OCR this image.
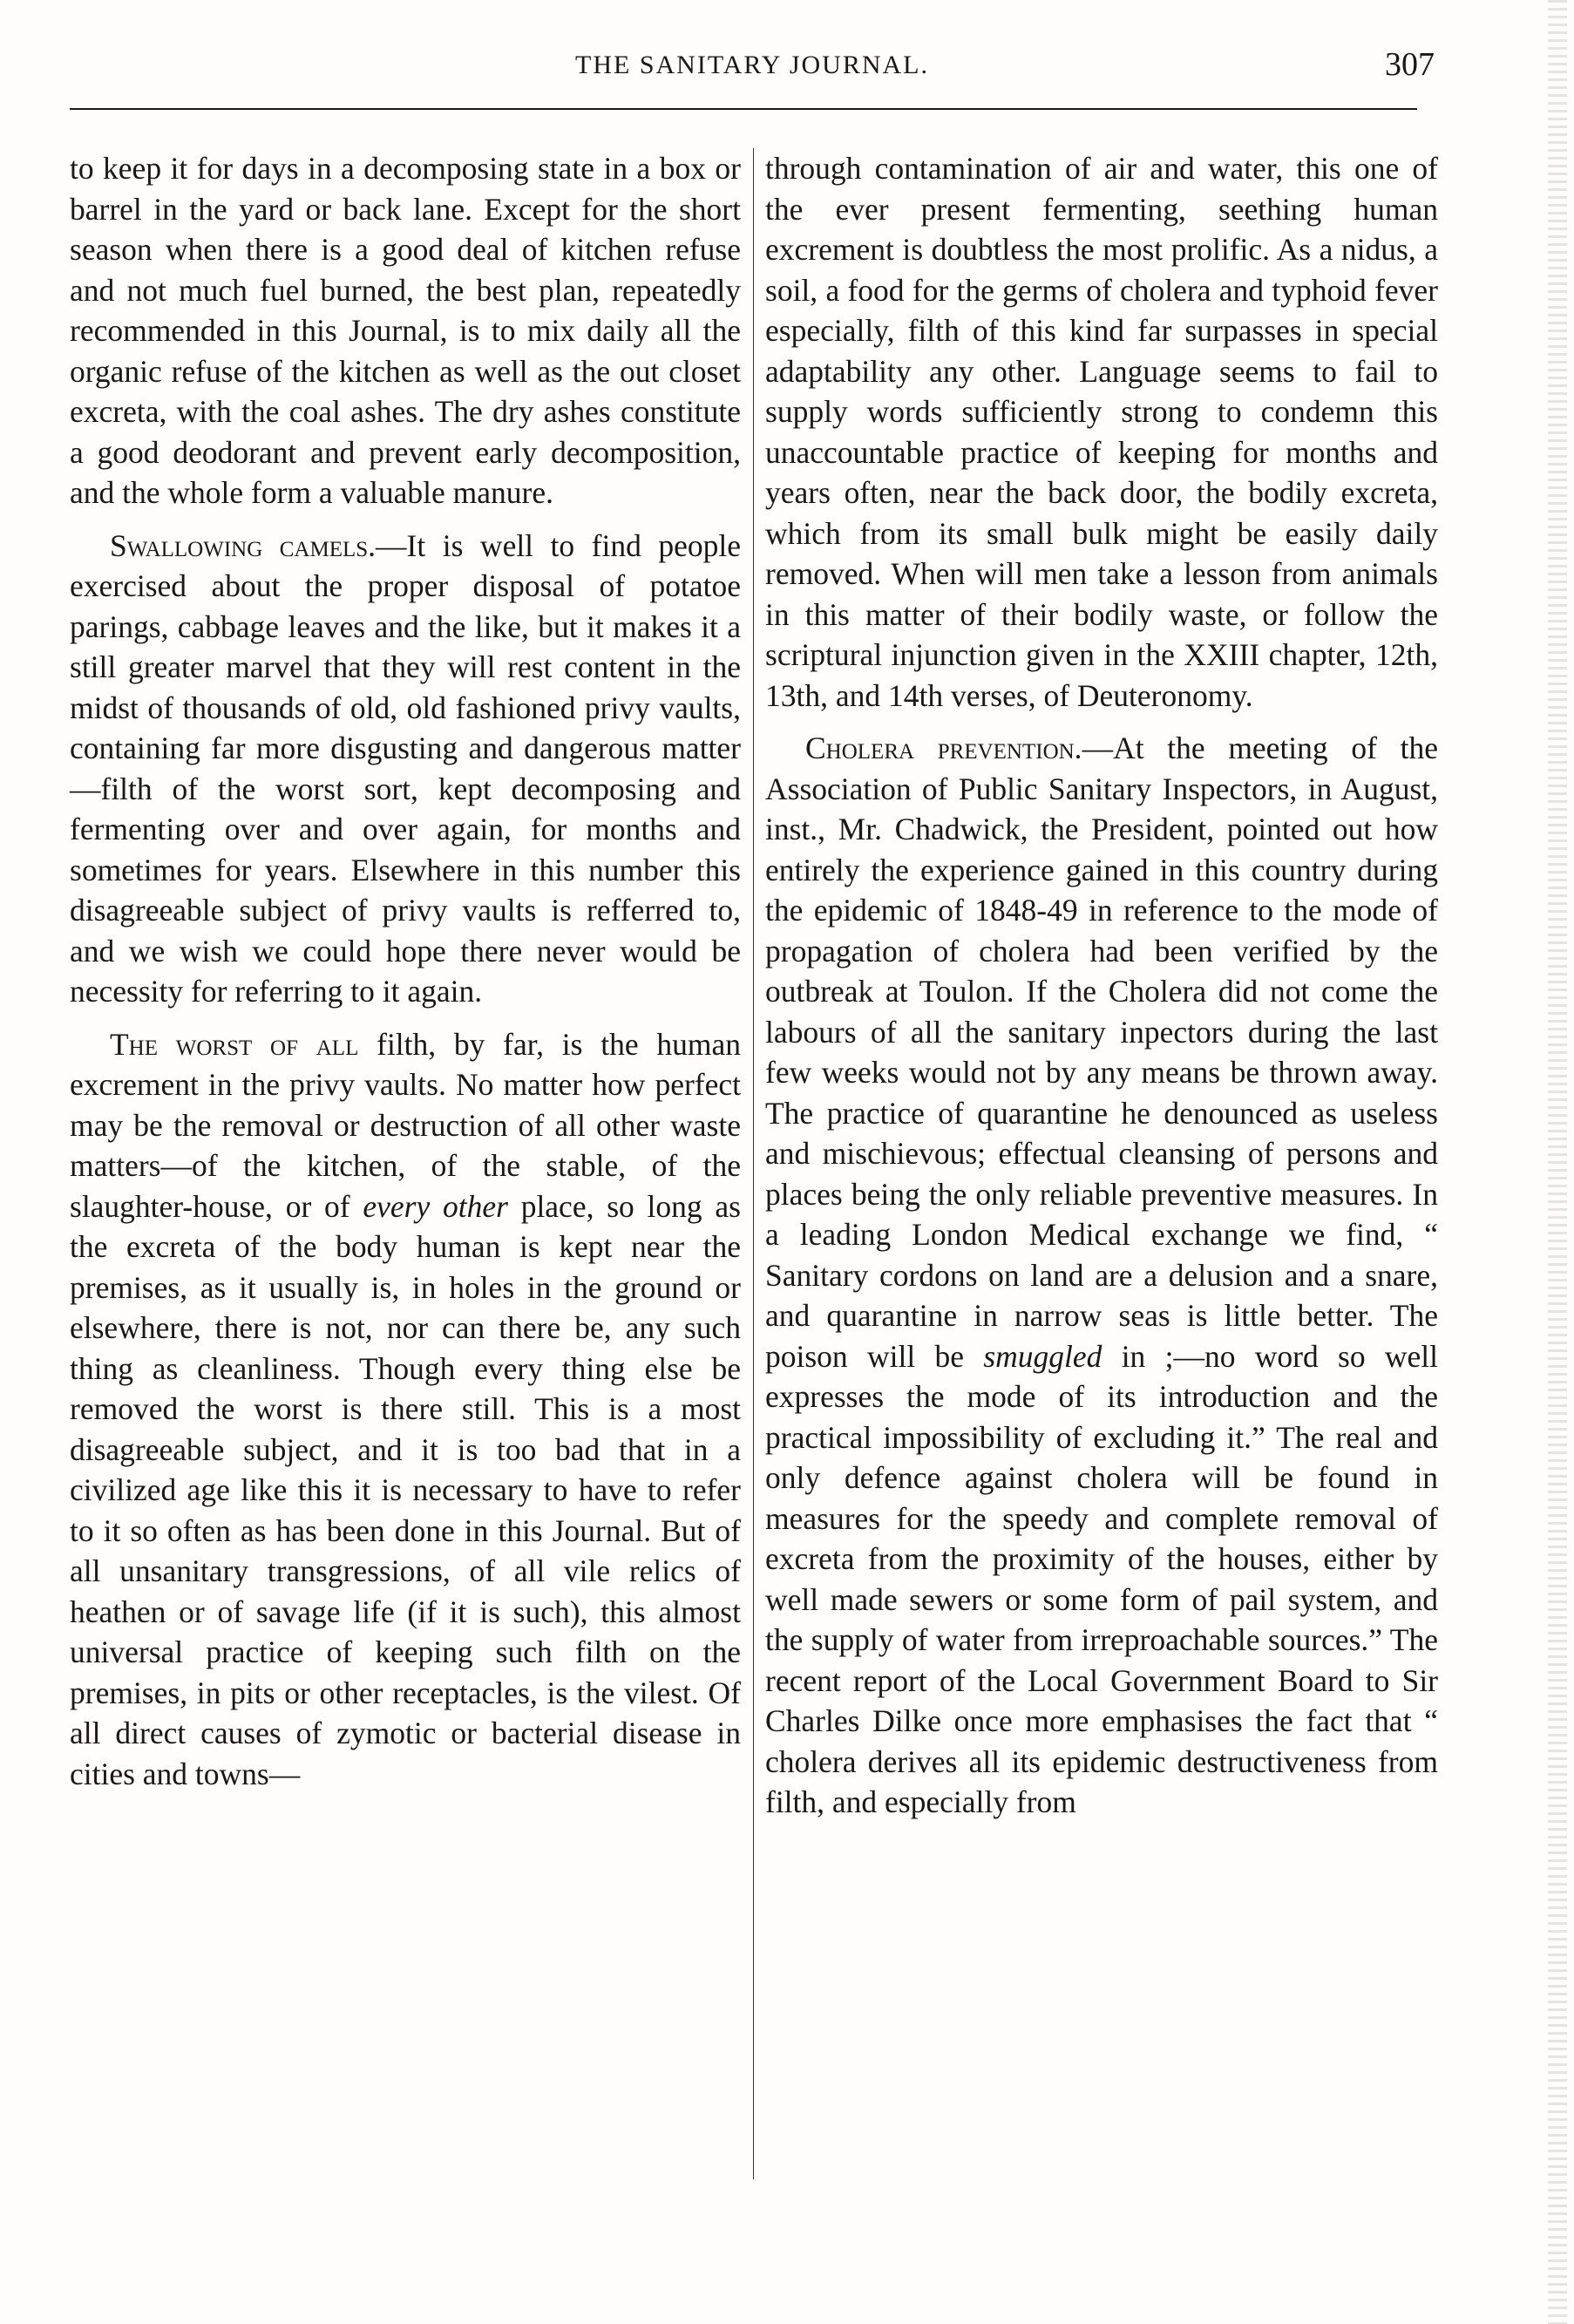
THE SANITARY JOURNAL.	307

to keep it for days in a decomposing state in a box or barrel in the yard or back lane. Except for the short season when there is a good deal of kitchen refuse and not much fuel burned, the best plan, repeatedly recommended in this Journal, is to mix daily all the organic refuse of the kitchen as well as the out closet excreta, with the coal ashes. The dry ashes constitute a good deodorant and prevent early decomposition, and the whole form a valuable manure.

Swallowing camels.—It is well to find people exercised about the proper disposal of potatoe parings, cabbage leaves and the like, but it makes it a still greater marvel that they will rest content in the midst of thousands of old, old fashioned privy vaults, containing far more disgusting and dangerous matter —filth of the worst sort, kept decomposing and fermenting over and over again, for months and sometimes for years. Elsewhere in this number this disagreeable subject of privy vaults is refferred to, and we wish we could hope there never would be necessity for referring to it again.

The worst of all filth, by far, is the human excrement in the privy vaults. No matter how perfect may be the removal or destruction of all other waste matters—of the kitchen, of the stable, of the slaughter-house, or of every other place, so long as the excreta of the body human is kept near the premises, as it usually is, in holes in the ground or elsewhere, there is not, nor can there be, any such thing as cleanliness. Though every thing else be removed the worst is there still. This is a most disagreeable subject, and it is too bad that in a civilized age like this it is necessary to have to refer to it so often as has been done in this Journal. But of all unsanitary transgressions, of all vile relics of heathen or of savage life (if it is such), this almost universal practice of keeping such filth on the premises, in pits or other receptacles, is the vilest. Of all direct causes of zymotic or bacterial disease in cities and towns—

through contamination of air and water, this one of the ever present fermenting, seething human excrement is doubtless the most prolific. As a nidus, a soil, a food for the germs of cholera and typhoid fever especially, filth of this kind far surpasses in special adaptability any other. Language seems to fail to supply words sufficiently strong to condemn this unaccountable practice of keeping for months and years often, near the back door, the bodily excreta, which from its small bulk might be easily daily removed. When will men take a lesson from animals in this matter of their bodily waste, or follow the scriptural injunction given in the XXIII chapter, 12th, 13th, and 14th verses, of Deuteronomy.

Cholera prevention.—At the meeting of the Association of Public Sanitary Inspectors, in August, inst., Mr. Chadwick, the President, pointed out how entirely the experience gained in this country during the epidemic of 1848-49 in reference to the mode of propagation of cholera had been verified by the outbreak at Toulon. If the Cholera did not come the labours of all the sanitary inpectors during the last few weeks would not by any means be thrown away. The practice of quarantine he denounced as useless and mischievous; effectual cleansing of persons and places being the only reliable preventive measures. In a leading London Medical exchange we find, “ Sanitary cordons on land are a delusion and a snare, and quarantine in narrow seas is little better. The poison will be smuggled in ;—no word so well expresses the mode of its introduction and the practical impossibility of excluding it.” The real and only defence against cholera will be found in measures for the speedy and complete removal of excreta from the proximity of the houses, either by well made sewers or some form of pail system, and the supply of water from irreproachable sources.” The recent report of the Local Government Board to Sir Charles Dilke once more emphasises the fact that “ cholera derives all its epidemic destructiveness from filth, and especially from
